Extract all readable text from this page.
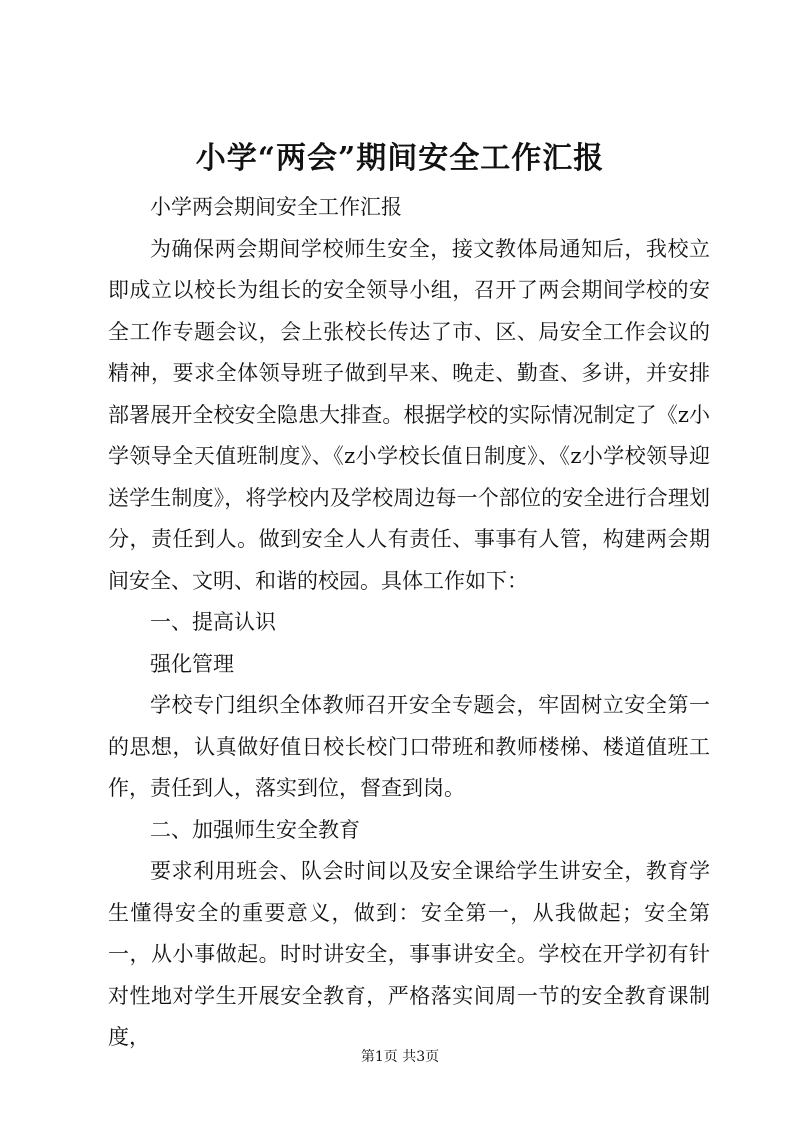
小学“两会”期间安全工作汇报

小学两会期间安全工作汇报

为确保两会期间学校师生安全，接文教体局通知后，我校立即成立以校长为组长的安全领导小组，召开了两会期间学校的安全工作专题会议，会上张校长传达了市、区、局安全工作会议的精神，要求全体领导班子做到早来、晚走、勤查、多讲，并安排部署展开全校安全隐患大排查。根据学校的实际情况制定了《z小学领导全天值班制度》、《z小学校长值日制度》、《z小学校领导迎送学生制度》，将学校内及学校周边每一个部位的安全进行合理划分，责任到人。做到安全人人有责任、事事有人管，构建两会期间安全、文明、和谐的校园。具体工作如下：

一、提高认识

强化管理

学校专门组织全体教师召开安全专题会，牢固树立安全第一的思想，认真做好值日校长校门口带班和教师楼梯、楼道值班工作，责任到人，落实到位，督查到岗。

二、加强师生安全教育

要求利用班会、队会时间以及安全课给学生讲安全，教育学生懂得安全的重要意义，做到：安全第一，从我做起；安全第一，从小事做起。时时讲安全，事事讲安全。学校在开学初有针对性地对学生开展安全教育，严格落实间周一节的安全教育课制度，

第1页 共3页
